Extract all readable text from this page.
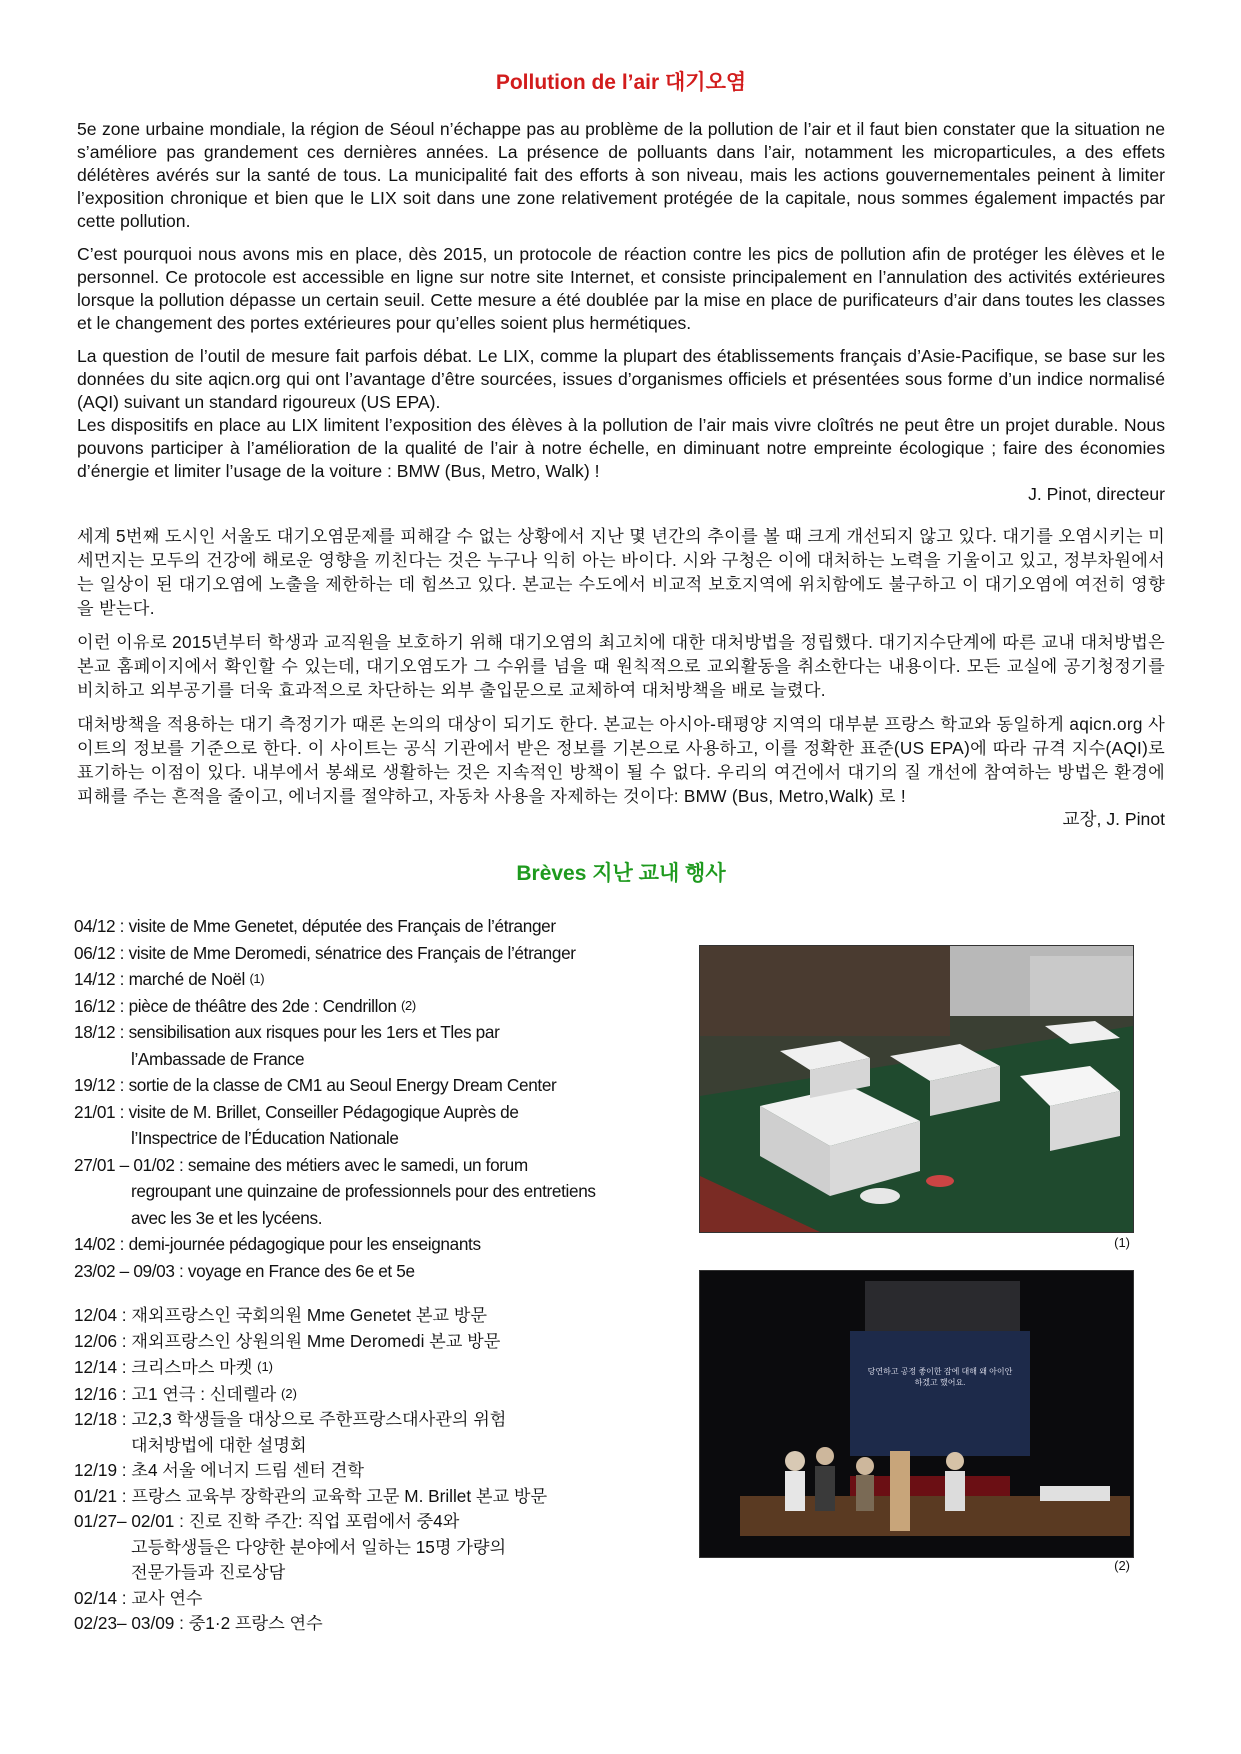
Pollution de l’air 대기오염

5e zone urbaine mondiale, la région de Séoul n’échappe pas au problème de la pollution de l’air et il faut bien constater que la situation ne s’améliore pas grandement ces dernières années. La présence de polluants dans l’air, notamment les microparticules, a des effets délétères avérés sur la santé de tous. La municipalité fait des efforts à son niveau, mais les actions gouvernementales peinent à limiter l’exposition chronique et bien que le LIX soit dans une zone relativement protégée de la capitale, nous sommes également impactés par cette pollution.

C’est pourquoi nous avons mis en place, dès 2015, un protocole de réaction contre les pics de pollution afin de protéger les élèves et le personnel. Ce protocole est accessible en ligne sur notre site Internet, et consiste principalement en l’annulation des activités extérieures lorsque la pollution dépasse un certain seuil. Cette mesure a été doublée par la mise en place de purificateurs d’air dans toutes les classes et le changement des portes extérieures pour qu’elles soient plus hermétiques.

La question de l’outil de mesure fait parfois débat. Le LIX, comme la plupart des établissements français d’Asie-Pacifique, se base sur les données du site aqicn.org qui ont l’avantage d’être sourcées, issues d’organismes officiels et présentées sous forme d’un indice normalisé (AQI) suivant un standard rigoureux (US EPA).

Les dispositifs en place au LIX limitent l’exposition des élèves à la pollution de l’air mais vivre cloîtrés ne peut être un projet durable. Nous pouvons participer à l’amélioration de la qualité de l’air à notre échelle, en diminuant notre empreinte écologique ; faire des économies d’énergie et limiter l’usage de la voiture : BMW (Bus, Metro, Walk) !

J. Pinot, directeur

세계 5번째 도시인 서울도 대기오염문제를 피해갈 수 없는 상황에서 지난 몇 년간의 추이를 볼 때 크게 개선되지 않고 있다. 대기를 오염시키는 미세먼지는 모두의 건강에 해로운 영향을 끼친다는 것은 누구나 익히 아는 바이다. 시와 구청은 이에 대처하는 노력을 기울이고 있고, 정부차원에서는 일상이 된 대기오염에 노출을 제한하는 데 힘쓰고 있다. 본교는 수도에서 비교적 보호지역에 위치함에도 불구하고 이 대기오염에 여전히 영향을 받는다.

이런 이유로 2015년부터 학생과 교직원을 보호하기 위해 대기오염의 최고치에 대한 대처방법을 정립했다. 대기지수단계에 따른 교내 대처방법은 본교 홈페이지에서 확인할 수 있는데, 대기오염도가 그 수위를 넘을 때 원칙적으로 교외활동을 취소한다는 내용이다. 모든 교실에 공기청정기를 비치하고 외부공기를 더욱 효과적으로 차단하는 외부 출입문으로 교체하여 대처방책을 배로 늘렸다.

대처방책을 적용하는 대기 측정기가 때론 논의의 대상이 되기도 한다. 본교는 아시아-태평양 지역의 대부분 프랑스 학교와 동일하게 aqicn.org 사이트의 정보를 기준으로 한다. 이 사이트는 공식 기관에서 받은 정보를 기본으로 사용하고, 이를 정확한 표준(US EPA)에 따라 규격 지수(AQI)로 표기하는 이점이 있다. 내부에서 봉쇄로 생활하는 것은 지속적인 방책이 될 수 없다. 우리의 여건에서 대기의 질 개선에 참여하는 방법은 환경에 피해를 주는 흔적을 줄이고, 에너지를 절약하고, 자동차 사용을 자제하는 것이다: BMW (Bus, Metro,Walk) 로 !

교장, J. Pinot
Brèves 지난 교내 행사
04/12 : visite de Mme Genetet, députée des Français de l’étranger
06/12 : visite de Mme Deromedi, sénatrice des Français de l’étranger
14/12 : marché de Noël (1)
16/12 : pièce de théâtre des 2de : Cendrillon (2)
18/12 : sensibilisation aux risques pour les 1ers et Tles par
l’Ambassade de France
19/12 : sortie de la classe de CM1 au Seoul Energy Dream Center
21/01 : visite de M. Brillet, Conseiller Pédagogique Auprès de
l’Inspectrice de l’Éducation Nationale
27/01 – 01/02 : semaine des métiers avec le samedi, un forum
regroupant une quinzaine de professionnels pour des entretiens
avec les 3e et les lycéens.
14/02 : demi-journée pédagogique pour les enseignants
23/02 – 09/03 : voyage en France des 6e et 5e
12/04 : 재외프랑스인 국회의원 Mme Genetet 본교 방문
12/06 : 재외프랑스인 상원의원 Mme Deromedi 본교 방문
12/14 : 크리스마스 마켓 (1)
12/16 : 고1 연극 : 신데렐라 (2)
12/18 : 고2,3 학생들을 대상으로 주한프랑스대사관의 위험
대처방법에 대한 설명회
12/19 : 초4 서울 에너지 드림 센터 견학
01/21 : 프랑스 교육부 장학관의 교육학 고문 M. Brillet 본교 방문
01/27– 02/01 : 진로 진학 주간: 직업 포럼에서 중4와
고등학생들은 다양한 분야에서 일하는 15명 가량의
전문가들과 진로상담
02/14 : 교사 연수
02/23– 03/09 : 중1·2 프랑스 연수
(1)
당연하고 공정 좋이한 잠에 대해 왜 아이안
하겠고 했어요.
(2)
